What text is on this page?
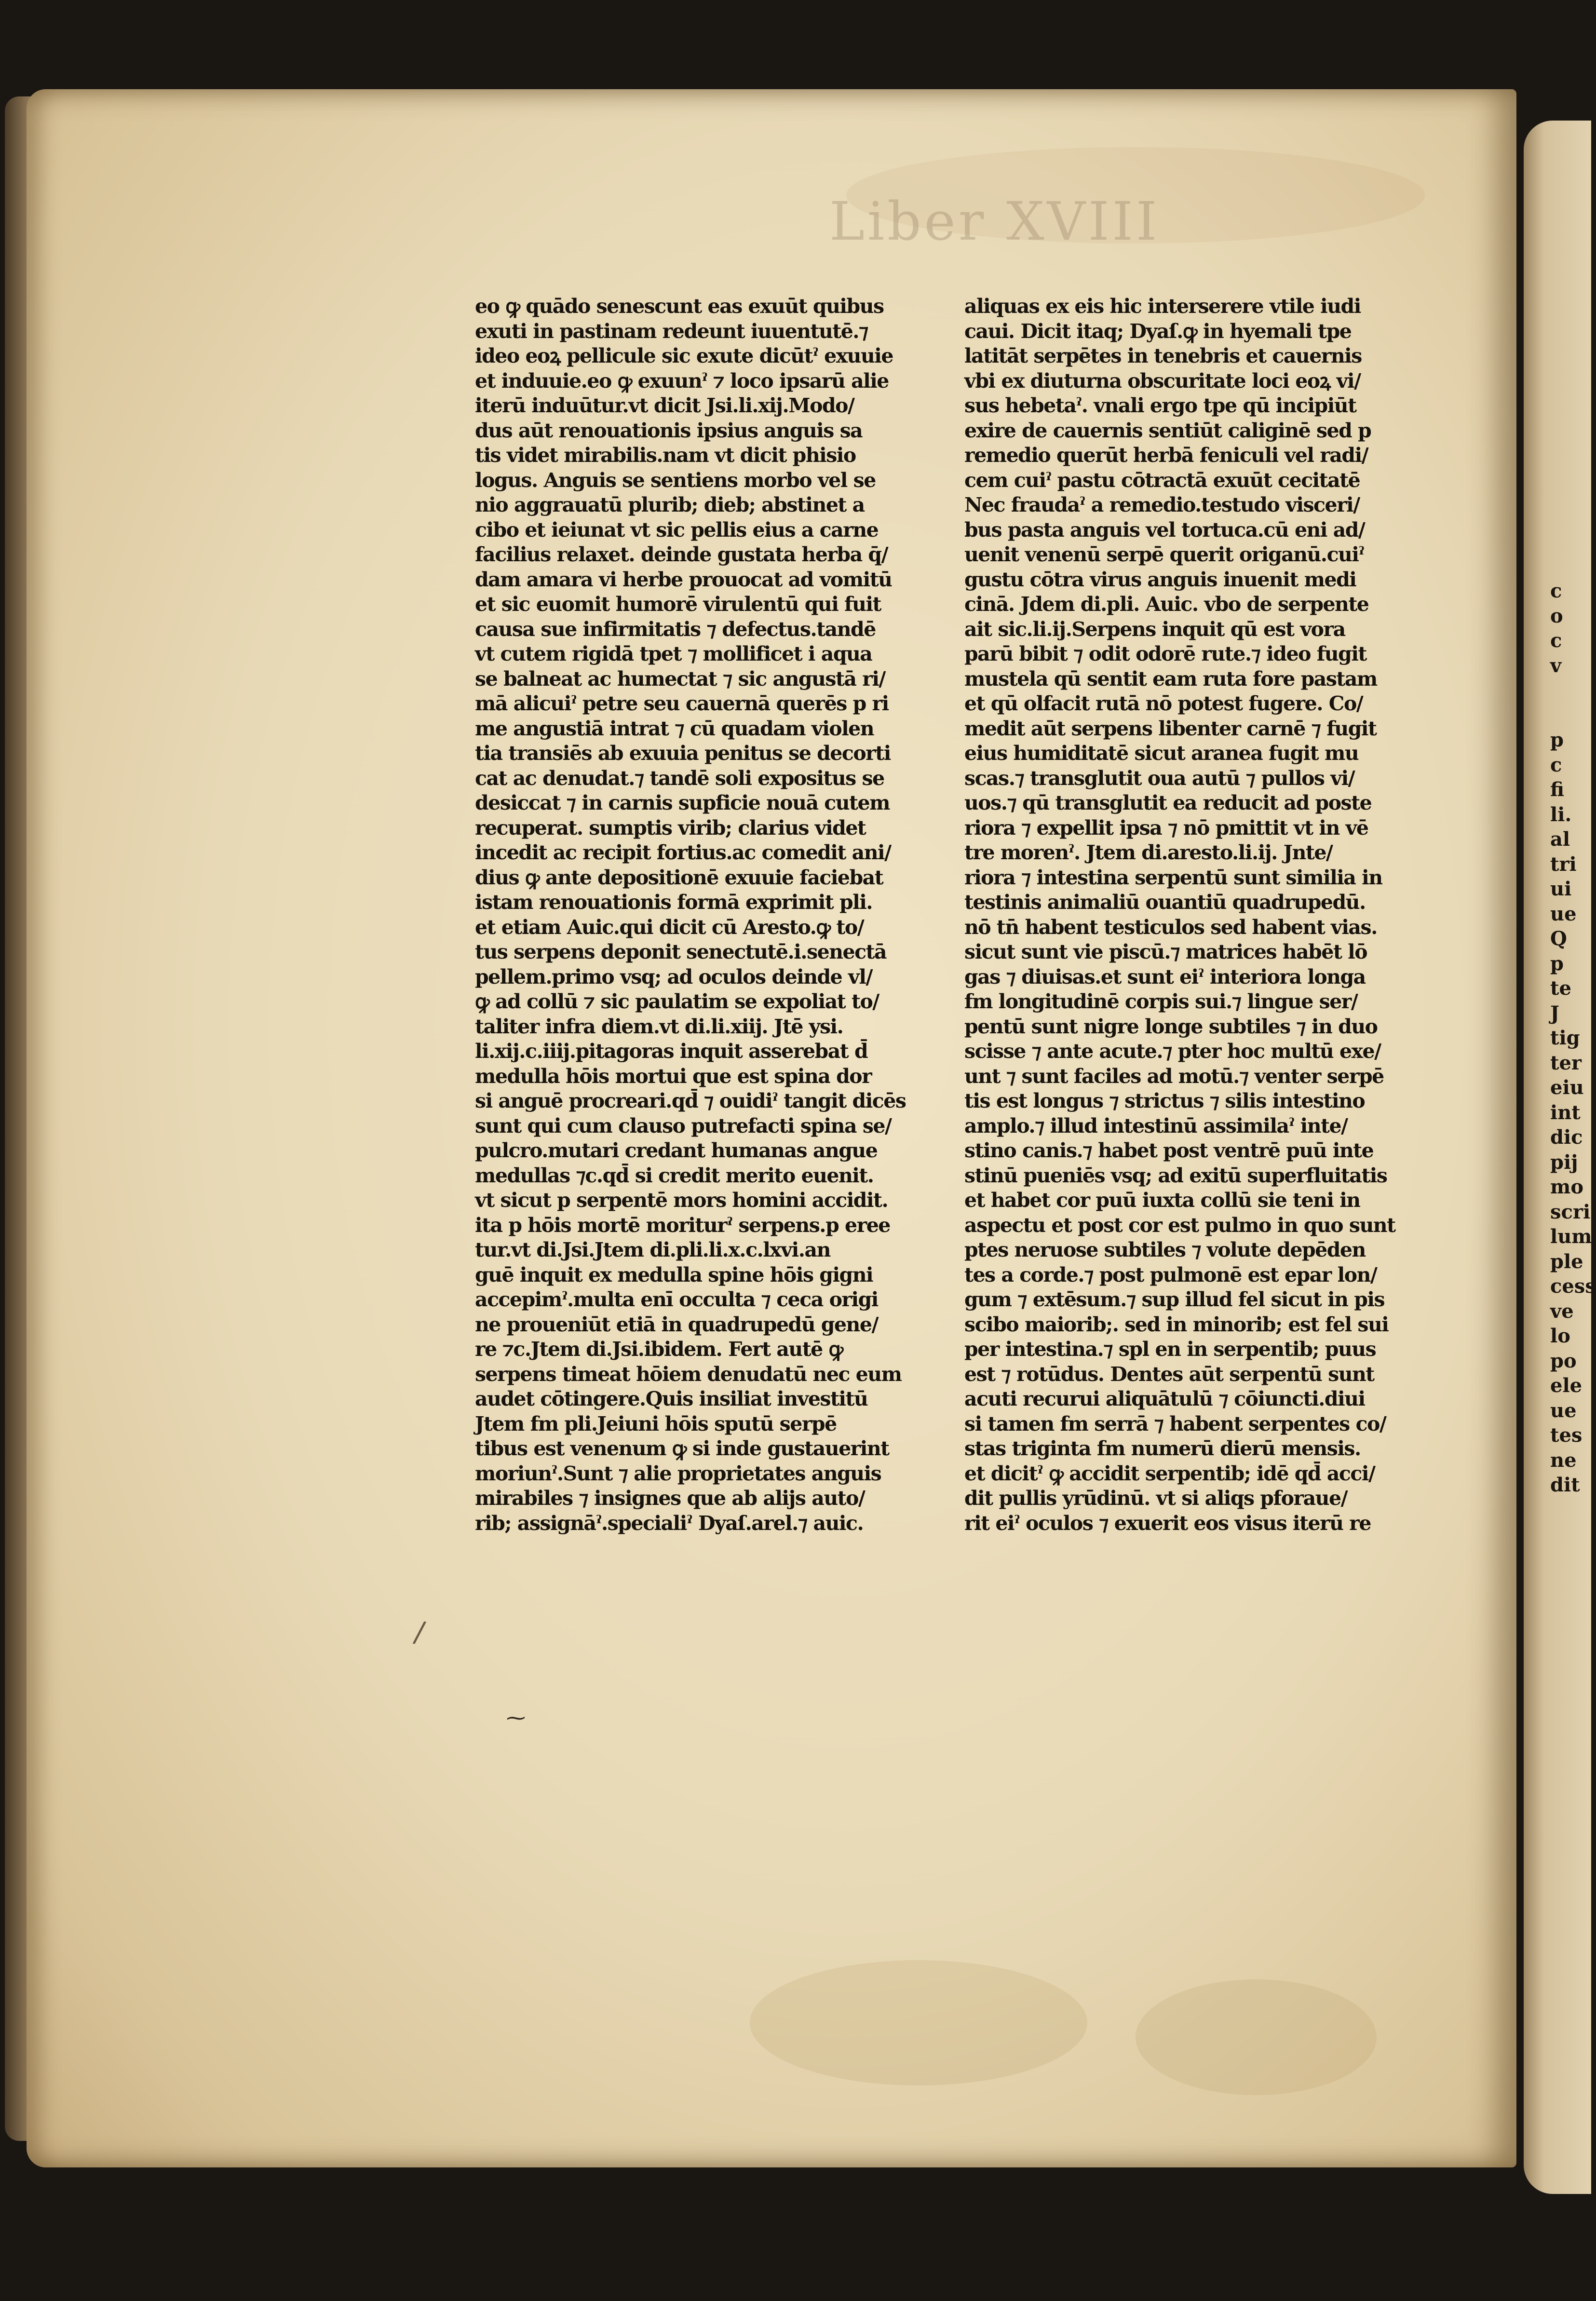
Liber XVIII
eo ꝙ quādo senescunt eas exuūt quibus
exuti in pastinam redeunt iuuentutē.⁊
ideo eoꝝ pellicule sic exute dicūtˀ exuuie
et induuie.eo ꝙ exuunˀ ⁊ loco ipsarū alie
iterū induūtur.vt dicit Jsi.li.xij.Modo/
dus aūt renouationis ipsius anguis sa
tis videt mirabilis.nam vt dicit phisio
logus. Anguis se sentiens morbo vel se
nio aggrauatū plurib; dieb; abstinet a
cibo et ieiunat vt sic pellis eius a carne
facilius relaxet. deinde gustata herba q̄/
dam amara vi herbe prouocat ad vomitū
et sic euomit humorē virulentū qui fuit
causa sue infirmitatis ⁊ defectus.tandē
vt cutem rigidā tpet ⁊ mollificet i aqua
se balneat ac humectat ⁊ sic angustā ri/
mā alicuiˀ petre seu cauernā querēs p ri
me angustiā intrat ⁊ cū quadam violen
tia transiēs ab exuuia penitus se decorti
cat ac denudat.⁊ tandē soli expositus se
desiccat ⁊ in carnis supficie nouā cutem
recuperat. sumptis virib; clarius videt
incedit ac recipit fortius.ac comedit ani/
dius ꝙ ante depositionē exuuie faciebat
istam renouationis formā exprimit pli.
et etiam Auic.qui dicit cū Aresto.ꝙ to/
tus serpens deponit senectutē.i.senectā
pellem.primo vsq; ad oculos deinde vl/
ꝙ ad collū ⁊ sic paulatim se expoliat to/
taliter infra diem.vt di.li.xiij. Jtē ysi.
li.xij.c.iiij.pitagoras inquit asserebat d̄
medulla hōis mortui que est spina dor
si anguē procreari.qd̄ ⁊ ouidiˀ tangit dicēs
sunt qui cum clauso putrefacti spina se/
pulcro.mutari credant humanas angue
medullas ⁊c.qd̄ si credit merito euenit.
vt sicut p serpentē mors homini accidit.
ita p hōis mortē moriturˀ serpens.p eree
tur.vt di.Jsi.Jtem di.pli.li.x.c.lxvi.an
guē inquit ex medulla spine hōis gigni
accepimˀ.multa enī occulta ⁊ ceca origi
ne proueniūt etiā in quadrupedū gene/
re ⁊c.Jtem di.Jsi.ibidem. Fert autē ꝙ
serpens timeat hōiem denudatū nec eum
audet cōtingere.Quis insiliat investitū
Jtem fm pli.Jeiuni hōis sputū serpē
tibus est venenum ꝙ si inde gustauerint
moriunˀ.Sunt ⁊ alie proprietates anguis
mirabiles ⁊ insignes que ab alijs auto/
rib; assignāˀ.specialiˀ Dyaſ.arel.⁊ auic.
aliquas ex eis hic interserere vtile iudi
caui. Dicit itaq; Dyaſ.ꝙ in hyemali tpe
latitāt serpētes in tenebris et cauernis
vbi ex diuturna obscuritate loci eoꝝ vi/
sus hebetaˀ. vnali ergo tpe qū incipiūt
exire de cauernis sentiūt caliginē sed p
remedio querūt herbā feniculi vel radi/
cem cuiˀ pastu cōtractā exuūt cecitatē
Nec fraudaˀ a remedio.testudo visceri/
bus pasta anguis vel tortuca.cū eni ad/
uenit venenū serpē querit origanū.cuiˀ
gustu cōtra virus anguis inuenit medi
cinā. Jdem di.pli. Auic. vbo de serpente
ait sic.li.ij.Serpens inquit qū est vora
parū bibit ⁊ odit odorē rute.⁊ ideo fugit
mustela qū sentit eam ruta fore pastam
et qū olfacit rutā nō potest fugere. Co/
medit aūt serpens libenter carnē ⁊ fugit
eius humiditatē sicut aranea fugit mu
scas.⁊ transglutit oua autū ⁊ pullos vi/
uos.⁊ qū transglutit ea reducit ad poste
riora ⁊ expellit ipsa ⁊ nō pmittit vt in vē
tre morenˀ. Jtem di.aresto.li.ij. Jnte/
riora ⁊ intestina serpentū sunt similia in
testinis animaliū ouantiū quadrupedū.
nō tn̄ habent testiculos sed habent vias.
sicut sunt vie piscū.⁊ matrices habēt lō
gas ⁊ diuisas.et sunt eiˀ interiora longa
fm longitudinē corpis sui.⁊ lingue ser/
pentū sunt nigre longe subtiles ⁊ in duo
scisse ⁊ ante acute.⁊ pter hoc multū exe/
unt ⁊ sunt faciles ad motū.⁊ venter serpē
tis est longus ⁊ strictus ⁊ silis intestino
amplo.⁊ illud intestinū assimilaˀ inte/
stino canis.⁊ habet post ventrē puū inte
stinū pueniēs vsq; ad exitū superfluitatis
et habet cor puū iuxta collū sie teni in
aspectu et post cor est pulmo in quo sunt
ptes neruose subtiles ⁊ volute depēden
tes a corde.⁊ post pulmonē est epar lon/
gum ⁊ extēsum.⁊ sup illud fel sicut in pis
scibo maiorib;. sed in minorib; est fel sui
per intestina.⁊ spl en in serpentib; puus
est ⁊ rotūdus. Dentes aūt serpentū sunt
acuti recurui aliquātulū ⁊ cōiuncti.diui
si tamen fm serrā ⁊ habent serpentes co/
stas triginta fm numerū dierū mensis.
et dicitˀ ꝙ accidit serpentib; idē qd̄ acci/
dit pullis yrūdinū. vt si aliqs pforaue/
rit eiˀ oculos ⁊ exuerit eos visus iterū re
⁓
/
c
o
c
v
p
c
fi
li.
al
tri
ui
ue
Q
p
te
J
tig
ter
eiu
int
dic
pij
mo
scri
lum
ple
cess
ve
lo
po
ele
ue
tes
ne
dit
